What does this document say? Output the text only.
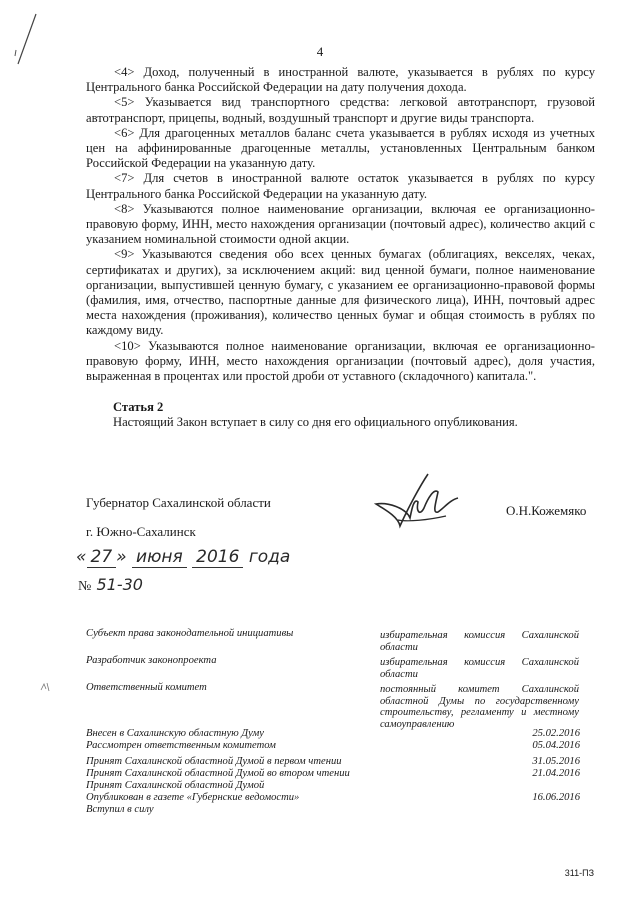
4

<4> Доход, полученный в иностранной валюте, указывается в рублях по курсу Центрального банка Российской Федерации на дату получения дохода.

<5> Указывается вид транспортного средства: легковой автотранспорт, грузовой автотранспорт, прицепы, водный, воздушный транспорт и другие виды транспорта.

<6> Для драгоценных металлов баланс счета указывается в рублях исходя из учетных цен на аффинированные драгоценные металлы, установленных Центральным банком Российской Федерации на указанную дату.

<7> Для счетов в иностранной валюте остаток указывается в рублях по курсу Центрального банка Российской Федерации на указанную дату.

<8> Указываются полное наименование организации, включая ее организационно-правовую форму, ИНН, место нахождения организации (почтовый адрес), количество акций с указанием номинальной стоимости одной акции.

<9> Указываются сведения обо всех ценных бумагах (облигациях, векселях, чеках, сертификатах и других), за исключением акций: вид ценной бумаги, полное наименование организации, выпустившей ценную бумагу, с указанием ее организационно-правовой формы (фамилия, имя, отчество, паспортные данные для физического лица), ИНН, почтовый адрес места нахождения (проживания), количество ценных бумаг и общая стоимость в рублях по каждому виду.

<10> Указываются полное наименование организации, включая ее организационно-правовую форму, ИНН, место нахождения организации (почтовый адрес), доля участия, выраженная в процентах или простой дроби от уставного (складочного) капитала.".

Статья 2
Настоящий Закон вступает в силу со дня его официального опубликования.
Губернатор Сахалинской области
О.Н.Кожемяко
г. Южно-Сахалинск
« 27 » июня 2016 года
№ 51-30
Субъект права законодательной инициативы	избирательная комиссия Сахалинской области
Разработчик законопроекта	избирательная комиссия Сахалинской области
Ответственный комитет	постоянный комитет Сахалинской областной Думы по государственному строительству, регламенту и местному самоуправлению
Внесен в Сахалинскую областную Думу	25.02.2016
Рассмотрен ответственным комитетом	05.04.2016
Принят Сахалинской областной Думой в первом чтении	31.05.2016
Принят Сахалинской областной Думой во втором чтении	21.04.2016
Принят Сахалинской областной Думой
Опубликован в газете «Губернские ведомости»	16.06.2016
Вступил в силу
311-ПЗ
